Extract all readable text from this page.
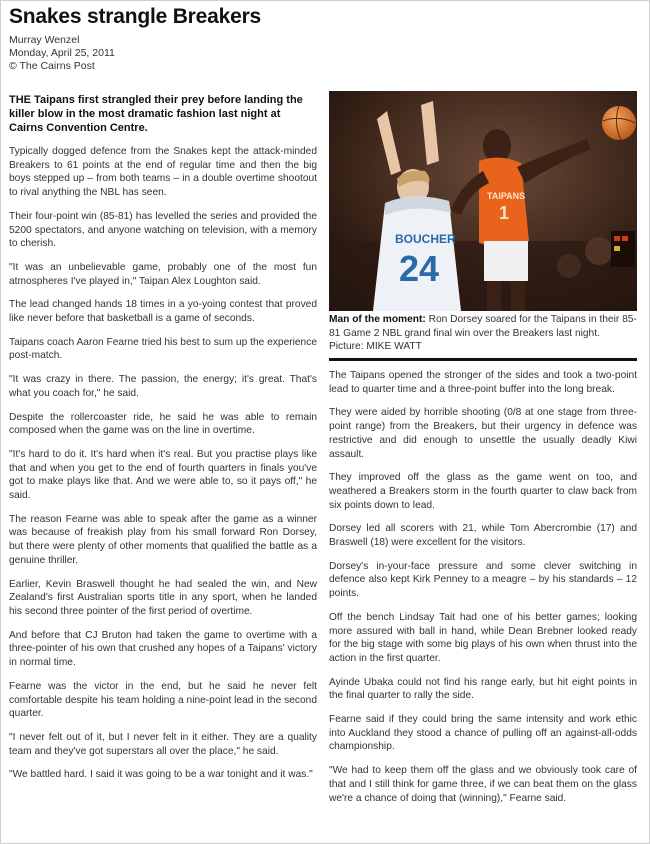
Snakes strangle Breakers
Murray Wenzel
Monday, April 25, 2011
© The Cairns Post

THE Taipans first strangled their prey before landing the killer blow in the most dramatic fashion last night at Cairns Convention Centre.

Typically dogged defence from the Snakes kept the attack-minded Breakers to 61 points at the end of regular time and then the big boys stepped up – from both teams – in a double overtime shootout to rival anything the NBL has seen.

Their four-point win (85-81) has levelled the series and provided the 5200 spectators, and anyone watching on television, with a memory to cherish.

"It was an unbelievable game, probably one of the most fun atmospheres I've played in," Taipan Alex Loughton said.

The lead changed hands 18 times in a yo-yoing contest that proved like never before that basketball is a game of seconds.

Taipans coach Aaron Fearne tried his best to sum up the experience post-match.

"It was crazy in there. The passion, the energy; it's great. That's what you coach for," he said.

Despite the rollercoaster ride, he said he was able to remain composed when the game was on the line in overtime.

"It's hard to do it. It's hard when it's real. But you practise plays like that and when you get to the end of fourth quarters in finals you've got to make plays like that. And we were able to, so it pays off," he said.

The reason Fearne was able to speak after the game as a winner was because of freakish play from his small forward Ron Dorsey, but there were plenty of other moments that qualified the battle as a genuine thriller.

Earlier, Kevin Braswell thought he had sealed the win, and New Zealand's first Australian sports title in any sport, when he landed his second three pointer of the first period of overtime.

And before that CJ Bruton had taken the game to overtime with a three-pointer of his own that crushed any hopes of a Taipans' victory in normal time.

Fearne was the victor in the end, but he said he never felt comfortable despite his team holding a nine-point lead in the second quarter.

"I never felt out of it, but I never felt in it either. They are a quality team and they've got superstars all over the place," he said.

"We battled hard. I said it was going to be a war tonight and it was."

TAIPANS
1
BOUCHER
24
Man of the moment: Ron Dorsey soared for the Taipans in their 85-81 Game 2 NBL grand final win over the Breakers last night. Picture: MIKE WATT

The Taipans opened the stronger of the sides and took a two-point lead to quarter time and a three-point buffer into the long break.

They were aided by horrible shooting (0/8 at one stage from three-point range) from the Breakers, but their urgency in defence was restrictive and did enough to unsettle the usually deadly Kiwi assault.

They improved off the glass as the game went on too, and weathered a Breakers storm in the fourth quarter to claw back from six points down to lead.

Dorsey led all scorers with 21, while Tom Abercrombie (17) and Braswell (18) were excellent for the visitors.

Dorsey's in-your-face pressure and some clever switching in defence also kept Kirk Penney to a meagre – by his standards – 12 points.

Off the bench Lindsay Tait had one of his better games; looking more assured with ball in hand, while Dean Brebner looked ready for the big stage with some big plays of his own when thrust into the action in the first quarter.

Ayinde Ubaka could not find his range early, but hit eight points in the final quarter to rally the side.

Fearne said if they could bring the same intensity and work ethic into Auckland they stood a chance of pulling off an against-all-odds championship.

"We had to keep them off the glass and we obviously took care of that and I still think for game three, if we can beat them on the glass we're a chance of doing that (winning)," Fearne said.
